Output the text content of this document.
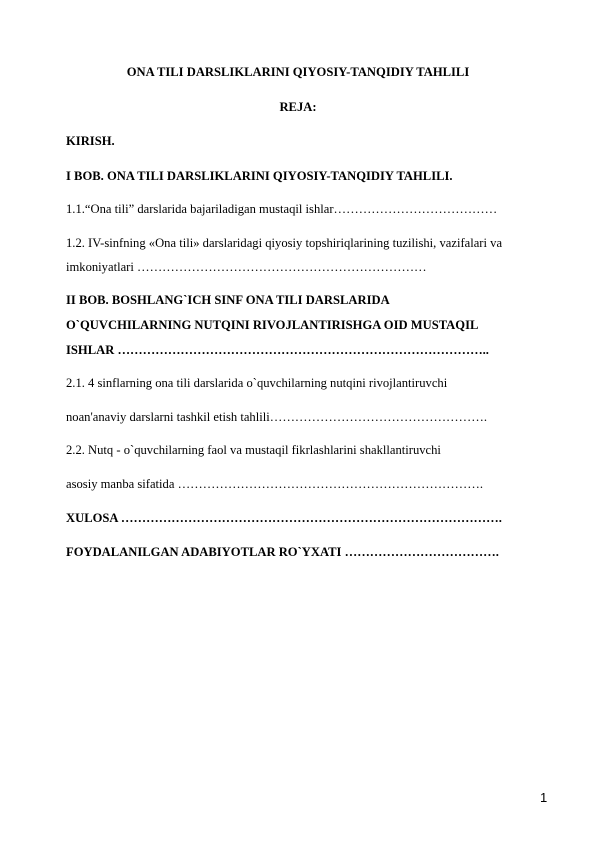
ONA TILI DARSLIKLARINI QIYOSIY-TANQIDIY TAHLILI
REJA:
KIRISH.
I BOB. ONA TILI DARSLIKLARINI QIYOSIY-TANQIDIY TAHLILI.
1.1.“Ona tili” darslarida bajariladigan mustaqil ishlar…………………………………
1.2. IV-sinfning «Ona tili» darslaridagi qiyosiy topshiriqlarining tuzilishi, vazifalari va
imkoniyatlari ……………………………………………………………
II BOB. BOSHLANG`ICH SINF ONA TILI DARSLARIDA
O`QUVCHILARNING NUTQINI RIVOJLANTIRISHGA OID MUSTAQIL
ISHLAR ……………………………………………………………………………..
2.1. 4 sinflarning ona tili darslarida o`quvchilarning nutqini rivojlantiruvchi
noan'anaviy darslarni tashkil etish tahlili…………………………………………….
2.2. Nutq - o`quvchilarning faol va mustaqil fikrlashlarini shakllantiruvchi
asosiy manba sifatida ……………………………………………………………….
XULOSA ……………………………………………………………………………….
FOYDALANILGAN ADABIYOTLAR RO`YXATI ……………………………….
1
